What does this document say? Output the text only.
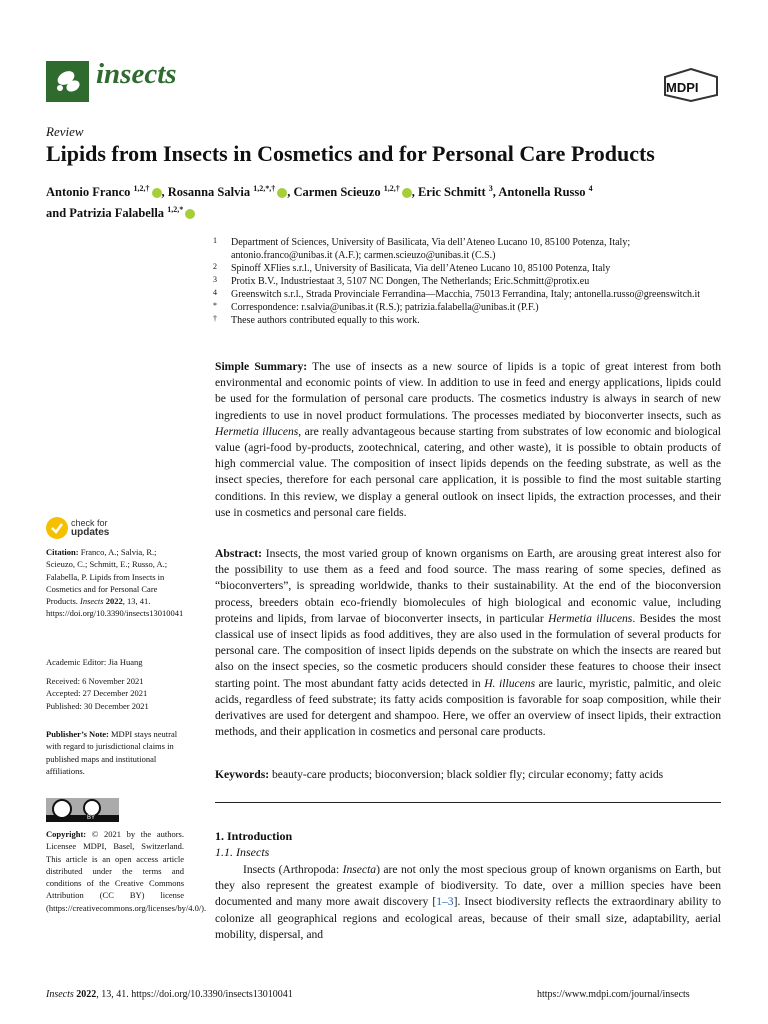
insects	MDPI
Review
Lipids from Insects in Cosmetics and for Personal Care Products
Antonio Franco $^{1,2,\dagger}$ , Rosanna Salvia $^{1,2,*,\dagger}$ , Carmen Scieuzo $^{1,2,\dagger}$ , Eric Schmitt $^3$, Antonella Russo $^4$
and Patrizia Falabella $^{1,2,*}$
1 Department of Sciences, University of Basilicata, Via dell’Ateneo Lucano 10, 85100 Potenza, Italy; antonio.franco@unibas.it (A.F.); carmen.scieuzo@unibas.it (C.S.)
2 Spinoff XFlies s.r.l., University of Basilicata, Via dell’Ateneo Lucano 10, 85100 Potenza, Italy
3 Protix B.V., Industriestaat 3, 5107 NC Dongen, The Netherlands; Eric.Schmitt@protix.eu
4 Greenswitch s.r.l., Strada Provinciale Ferrandina—Macchia, 75013 Ferrandina, Italy; antonella.russo@greenswitch.it
* Correspondence: r.salvia@unibas.it (R.S.); patrizia.falabella@unibas.it (P.F.)
† These authors contributed equally to this work.
Simple Summary: The use of insects as a new source of lipids is a topic of great interest from both environmental and economic points of view. In addition to use in feed and energy applications, lipids could be used for the formulation of personal care products. The cosmetics industry is always in search of new ingredients to use in novel product formulations. The processes mediated by bioconverter insects, such as Hermetia illucens, are really advantageous because starting from substrates of low economic and biological value (agri-food by-products, zootechnical, catering, and other waste), it is possible to obtain products of high commercial value. The composition of insect lipids depends on the feeding substrate, as well as the insect species, therefore for each personal care application, it is possible to find the most suitable starting conditions. In this review, we display a general outlook on insect lipids, the extraction processes, and their use in cosmetics and personal care fields.
Abstract: Insects, the most varied group of known organisms on Earth, are arousing great interest also for the possibility to use them as a feed and food source. The mass rearing of some species, defined as “bioconverters”, is spreading worldwide, thanks to their sustainability. At the end of the bioconversion process, breeders obtain eco-friendly biomolecules of high biological and economic value, including proteins and lipids, from larvae of bioconverter insects, in particular Hermetia illucens. Besides the most classical use of insect lipids as food additives, they are also used in the formulation of several products for personal care. The composition of insect lipids depends on the substrate on which the insects are reared but also on the insect species, so the cosmetic producers should consider these features to choose their insect starting point. The most abundant fatty acids detected in H. illucens are lauric, myristic, palmitic, and oleic acids, regardless of feed substrate; its fatty acids composition is favorable for soap composition, while their derivatives are used for detergent and shampoo. Here, we offer an overview of insect lipids, their extraction methods, and their application in cosmetics and personal care products.
Keywords: beauty-care products; bioconversion; black soldier fly; circular economy; fatty acids
1. Introduction
1.1. Insects
Insects (Arthropoda: Insecta) are not only the most specious group of known organisms on Earth, but they also represent the greatest example of biodiversity. To date, over a million species have been documented and many more await discovery [1–3]. Insect biodiversity reflects the extraordinary ability to colonize all geographical regions and ecological areas, because of their small size, adaptability, aerial mobility, dispersal, and
check for
updates
Citation: Franco, A.; Salvia, R.; Scieuzo, C.; Schmitt, E.; Russo, A.; Falabella, P. Lipids from Insects in Cosmetics and for Personal Care Products. Insects 2022, 13, 41. https://doi.org/10.3390/insects13010041
Academic Editor: Jia Huang
Received: 6 November 2021
Accepted: 27 December 2021
Published: 30 December 2021
Publisher’s Note: MDPI stays neutral with regard to jurisdictional claims in published maps and institutional affiliations.
BY
Copyright: © 2021 by the authors. Licensee MDPI, Basel, Switzerland. This article is an open access article distributed under the terms and conditions of the Creative Commons Attribution (CC BY) license (https://creativecommons.org/licenses/by/4.0/).
Insects 2022, 13, 41. https://doi.org/10.3390/insects13010041	https://www.mdpi.com/journal/insects
